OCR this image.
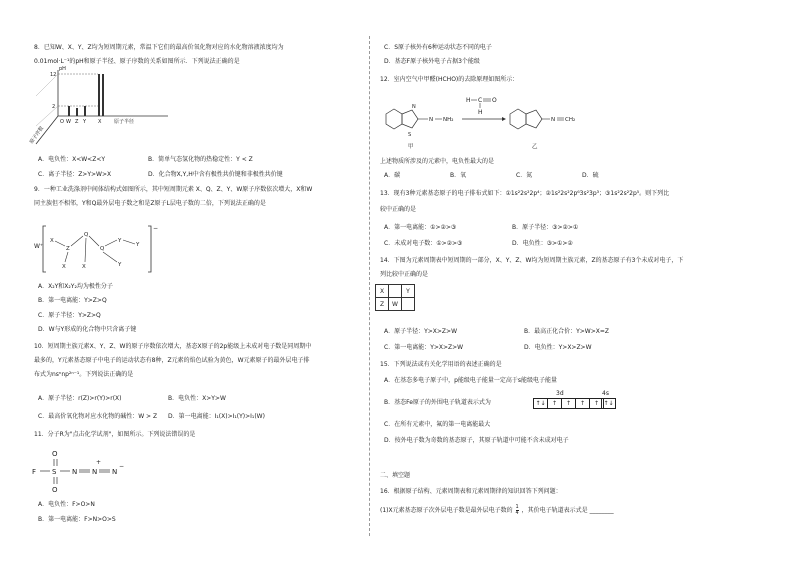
8．已知W、X、Y、Z均为短周期元素，常温下它们的最高价氧化物对应的水化物溶液浓度均为
0.01mol·L⁻¹的pH和原子半径、原子序数的关系如图所示．下列说法正确的是
pH
12
2
O W Z Y X	原子半径
原子序数
A．电负性：X<W<Z<Y	B．简单气态氢化物的热稳定性：Y < Z
C．离子半径：Z>Y>W>X	D．化合物X,Y,H中含有极性共价键和非极性共价键
9．一种工业洗涤剂中间体结构式如图所示，其中短周期元素 X、Q、Z、Y、W原子序数依次增大，X和W
同主族但不相邻，Y和Q最外层电子数之和是Z原子L层电子数的二倍，下列说法正确的是
W⁺
X
Z
Q
Q
Y
Y
X	X
Y
−
A．X₂Y和X₂Y₂均为极性分子
B．第一电离能：Y>Z>Q
C．原子半径：Y>Z>Q
D．W与Y形成的化合物中只含离子键
10．短周期主族元素X、Y、Z、W的原子序数依次增大，基态X原子的2p能级上未成对电子数是同周期中
最多的，Y元素基态原子中电子的运动状态有8种，Z元素的焰色试验为黄色，W元素原子的最外层电子排
布式为nsⁿnp²ⁿ⁻¹。下列说法正确的是
A．原子半径：r(Z)>r(Y)>r(X)	B．电负性：X>Y>W
C．最高价氧化物对应水化物的碱性：W > Z D．第一电离能：I₁(X)>I₁(Y)>I₁(W)
11．分子R为"点击化学试剂"，如图所示。下列说法错误的是
F S N N N
O
O
+
−
A．电负性：F>O>N
B．第一电离能：F>N>O>S
C．S原子核外有6种运动状态不同的电子
D．基态F原子核外电子占据3个能级
12．室内空气中甲醛(HCHO)的去除原理如图所示：
N
S
N NH₂
甲
H C O
H
N CH₂
乙
上述物质所涉及的元素中，电负性最大的是
A．碳	B．氧	C．氮	D．硫
13．现有3种元素基态原子的电子排布式如下：①1s²2s²2p⁴；②1s²2s²2p⁶3s²3p³；③1s²2s²2p⁵。则下列比
较中正确的是
A．第一电离能：①>②>③	B．原子半径：③>②>①
C．未成对电子数：①>②>③	D．电负性：③>①>②
14．下图为元素周期表中短周期的一部分，X、Y、Z、W均为短周期主族元素，Z的基态原子有3个未成对电子，下
列比较中正确的是
X		Y
Z	W	
A．原子半径：Y>X>Z>W	B．最高正化合价：Y>W>X=Z
C．第一电离能：Y>X>Z>W	D．电负性：Y>X>Z>W
15．下列说法或有关化学用语的表述正确的是
A．在基态多电子原子中，p能级电子能量一定高于s能级电子能量
B．基态Fe原子的外围电子轨道表示式为
3d	4s
↑↓	↑	↑	↑	↑ ↑↓
C．在所有元素中，氟的第一电离能最大
D．按外电子数为奇数的基态原子，其原子轨道中可能不含未成对电子
二、填空题
16．根据原子结构、元素周期表和元素周期律的知识回答下列问题：
(1)X元素基态原子次外层电子数是最外层电子数的 $\frac{1}{4}$ ，其价电子轨道表示式是 ________
